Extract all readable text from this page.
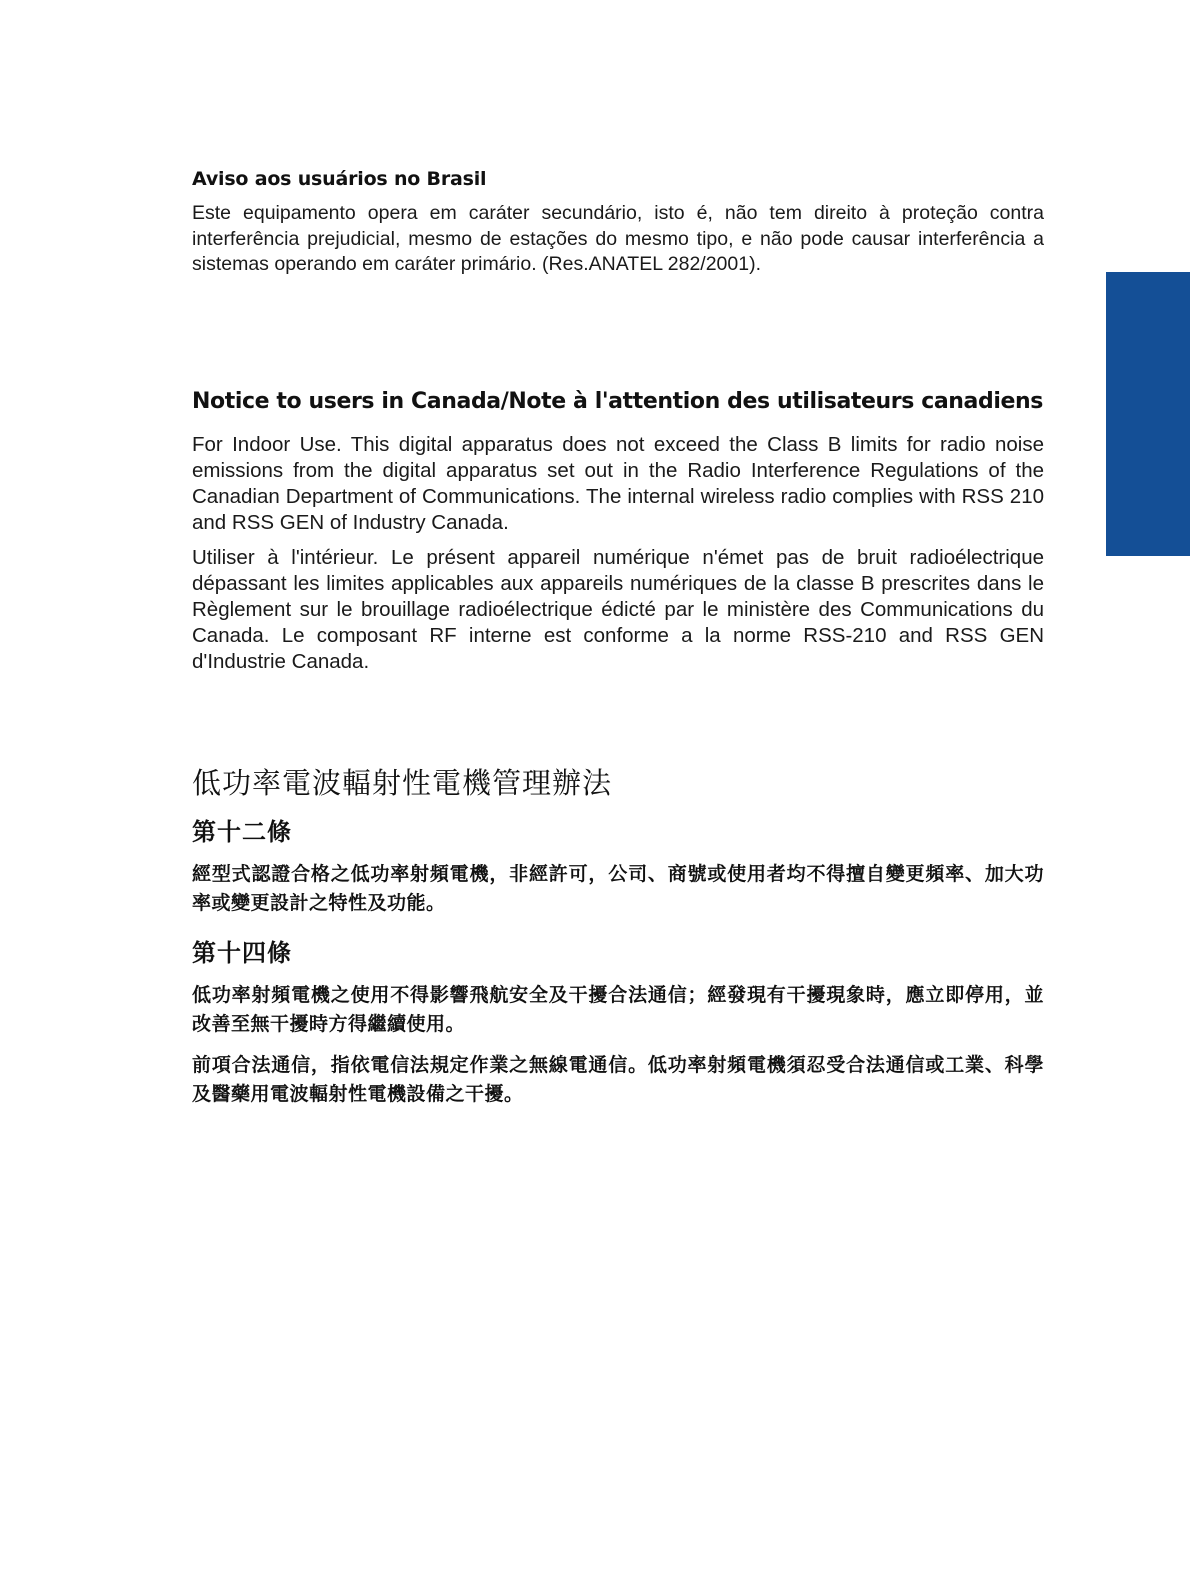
Aviso aos usuários no Brasil

Este equipamento opera em caráter secundário, isto é, não tem direito à proteção contra interferência prejudicial, mesmo de estações do mesmo tipo, e não pode causar interferência a sistemas operando em caráter primário. (Res.ANATEL 282/2001).

Notice to users in Canada/Note à l'attention des utilisateurs canadiens

For Indoor Use. This digital apparatus does not exceed the Class B limits for radio noise emissions from the digital apparatus set out in the Radio Interference Regulations of the Canadian Department of Communications. The internal wireless radio complies with RSS 210 and RSS GEN of Industry Canada.

Utiliser à l'intérieur. Le présent appareil numérique n'émet pas de bruit radioélectrique dépassant les limites applicables aux appareils numériques de la classe B prescrites dans le Règlement sur le brouillage radioélectrique édicté par le ministère des Communications du Canada. Le composant RF interne est conforme a la norme RSS-210 and RSS GEN d'Industrie Canada.

低功率電波輻射性電機管理辦法
第十二條

經型式認證合格之低功率射頻電機，非經許可，公司、商號或使用者均不得擅自變更頻率、加大功率或變更設計之特性及功能。

第十四條

低功率射頻電機之使用不得影響飛航安全及干擾合法通信；經發現有干擾現象時，應立即停用，並改善至無干擾時方得繼續使用。

前項合法通信，指依電信法規定作業之無線電通信。低功率射頻電機須忍受合法通信或工業、科學及醫藥用電波輻射性電機設備之干擾。
